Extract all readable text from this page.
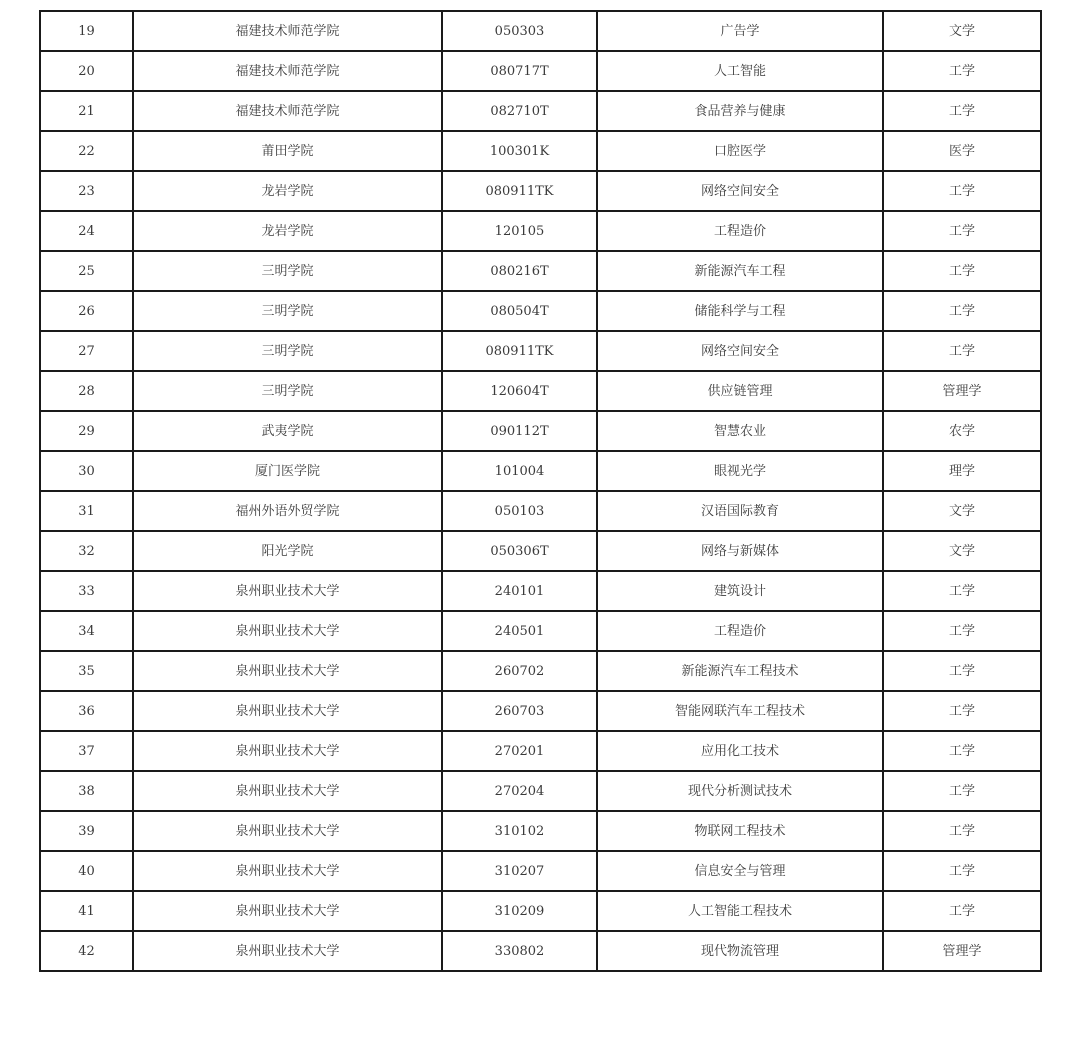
19	福建技术师范学院	050303	广告学	文学
20	福建技术师范学院	080717T	人工智能	工学
21	福建技术师范学院	082710T	食品营养与健康	工学
22	莆田学院	100301K	口腔医学	医学
23	龙岩学院	080911TK	网络空间安全	工学
24	龙岩学院	120105	工程造价	工学
25	三明学院	080216T	新能源汽车工程	工学
26	三明学院	080504T	储能科学与工程	工学
27	三明学院	080911TK	网络空间安全	工学
28	三明学院	120604T	供应链管理	管理学
29	武夷学院	090112T	智慧农业	农学
30	厦门医学院	101004	眼视光学	理学
31	福州外语外贸学院	050103	汉语国际教育	文学
32	阳光学院	050306T	网络与新媒体	文学
33	泉州职业技术大学	240101	建筑设计	工学
34	泉州职业技术大学	240501	工程造价	工学
35	泉州职业技术大学	260702	新能源汽车工程技术	工学
36	泉州职业技术大学	260703	智能网联汽车工程技术	工学
37	泉州职业技术大学	270201	应用化工技术	工学
38	泉州职业技术大学	270204	现代分析测试技术	工学
39	泉州职业技术大学	310102	物联网工程技术	工学
40	泉州职业技术大学	310207	信息安全与管理	工学
41	泉州职业技术大学	310209	人工智能工程技术	工学
42	泉州职业技术大学	330802	现代物流管理	管理学
